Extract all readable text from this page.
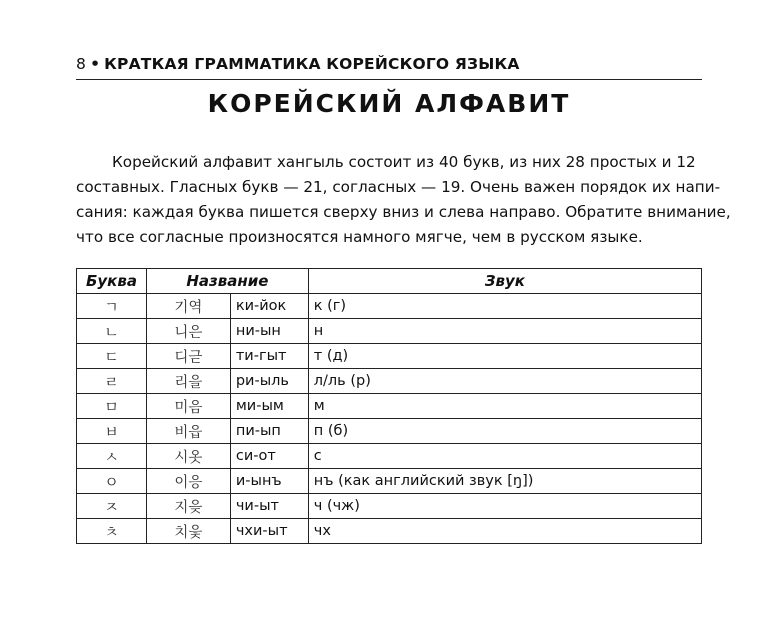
8 • КРАТКАЯ ГРАММАТИКА КОРЕЙСКОГО ЯЗЫКА
КОРЕЙСКИЙ АЛФАВИТ
Корейский алфавит хангыль состоит из 40 букв, из них 28 простых и 12
составных. Гласных букв — 21, согласных — 19. Очень важен порядок их напи-
сания: каждая буква пишется сверху вниз и слева направо. Обратите внимание,
что все согласные произносятся намного мягче, чем в русском языке.
Буква	Название		Звук
ㄱ	기역	ки-йок	к (г)
ㄴ	니은	ни-ын	н
ㄷ	디귿	ти-гыт	т (д)
ㄹ	리을	ри-ыль	л/ль (р)
ㅁ	미음	ми-ым	м
ㅂ	비읍	пи-ып	п (б)
ㅅ	시옷	си-от	с
ㅇ	이응	и-ынъ	нъ (как английский звук [ŋ])
ㅈ	지읒	чи-ыт	ч (чж)
ㅊ	치읓	чхи-ыт	чх
